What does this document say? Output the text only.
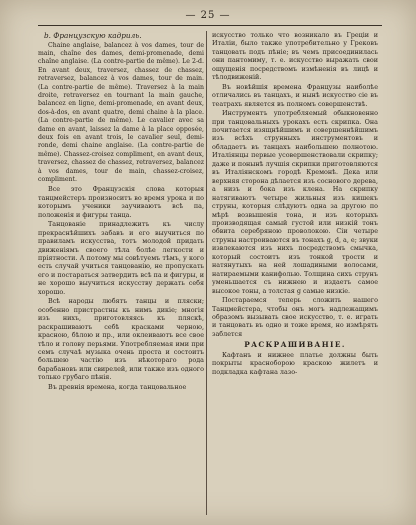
— 25 —

b. Французскую кадриль.

Chaine anglaise, balancez à vos dames, tour de main, chaîne des dames, demi-promenade, demi chaîne anglaise. (La contre-partie de même). Le 2-d. En avant deux, traversez, chassez de chassez, retraversez, balancez à vos dames, tour de main. (La contre-partie de même). Traversez à la main droite, retraversez en tournant la main gauche, balancez en ligne, demi-promenade, en avant deux, dos-à-dos, en avant quatre, demi chaine à la place. (La contre-partie de même). Le cavalier avec sa dame en avant, laissez la dame à la place opposée, deux fois en avant trois, le cavalier seul, demi-ronde, demi chaine anglaise. (La contre-partie de même). Chassez-croisez compliment, en avant deux, traversez, chassez de chassez, retraversez, balancez à vos dames, tour de main, chassez-croisez, compliment.

Все это Французскія слова которыя танцмейстеръ произноситъ во время урока и по которымъ ученики заучиваютъ всѣ пa, положенія и фигуры танца.

Танцованіе принадлежитъ къ числу прекраснѣйшихъ забавъ и его выучиться по правиламъ искусства, тотъ молодой придать движеніямъ своего тѣла болѣе легкости и пріятности. А потому мы совѣтуемъ тѣмъ, у кого есть случай учиться танцованію, не пропускать его и постараться затвердить всѣ па и фигуры, и не хорошо выучиться искусству держать себя хорошо.

Всѣ народы любятъ танцы и пляски; особенно пристрастны къ нимъ дикіе; многія изъ нихъ, приготовляясь къ пляскѣ, раскрашиваютъ себѣ красками черною, красною, бѣлою и пр., или оклеиваютъ все свое тѣло и голову перьями. Употребляемая ими при семъ случаѣ музыка очень проста и состоитъ большею частію изъ нѣкотораго рода барабановъ или свирелей, или также изъ одного только грубаго пѣнія.

Въ древнія времена, когда танцовальное

искусство только что возникало въ Греціи и Италіи, было также употребительно у Грековъ танцовать подъ пѣніе; въ чемъ присоединилась они пантомиму, т. е. искусство выражать свои ощущенія посредствомъ измѣненія въ лицѣ и тѣлодвиженій.

Въ новѣйшія времена Французы наиболѣе отличались въ танцахъ, и нынѣ искусство сіе въ театрахъ является въ полномъ совершенствѣ.

Инструментъ употребляемый обыкновенно при танцовальныхъ урокахъ есть скрипка. Она почитается изящнѣйшимъ и совершеннѣйшимъ изъ всѣхъ струнныхъ инструментовъ и обладаетъ въ танцахъ наибольшею полнотою. Италіянцы первые усовершенствовали скрипку; даже и понынѣ лучшія скрипки приготовляются въ Италіянскомъ городѣ Кремонѣ. Дека или верхняя сторона дѣлается изъ соснового дерева, а низъ и бока изъ клена. На скрипку натягиваютъ четыре жильныя изъ кишекъ струны, которыя слѣдуютъ одна за другою по мѣрѣ возвышенія тона, и изъ которыхъ производящая самый густой или низкій тонъ обвита серебряною проволокою. Сіи четыре струны настроиваются въ тонахъ g, d, a, e; звуки извлекаются изъ нихъ посредствомъ смычка, который состоитъ изъ тонкой трости и натянутыхъ на ней лошадиными волосами, натираемыми канифолью. Толщина сихъ струнъ уменьшается съ нижнею и издаетъ самое высокое тоны, а толстая g самые низкіе.

Постараемся теперь сложить нашего Танцмейстера, чтобы онъ могъ надлежащимъ образомъ вызывать свое искусство, т. е. играть и танцовать въ одно и тоже время, но измѣрять заблется

РАСКРАШИВАНІЕ.

Кафтанъ и нижнее платье должны быть покрыты красноборою краскою жилетъ и подкладка кафтана лазо-
